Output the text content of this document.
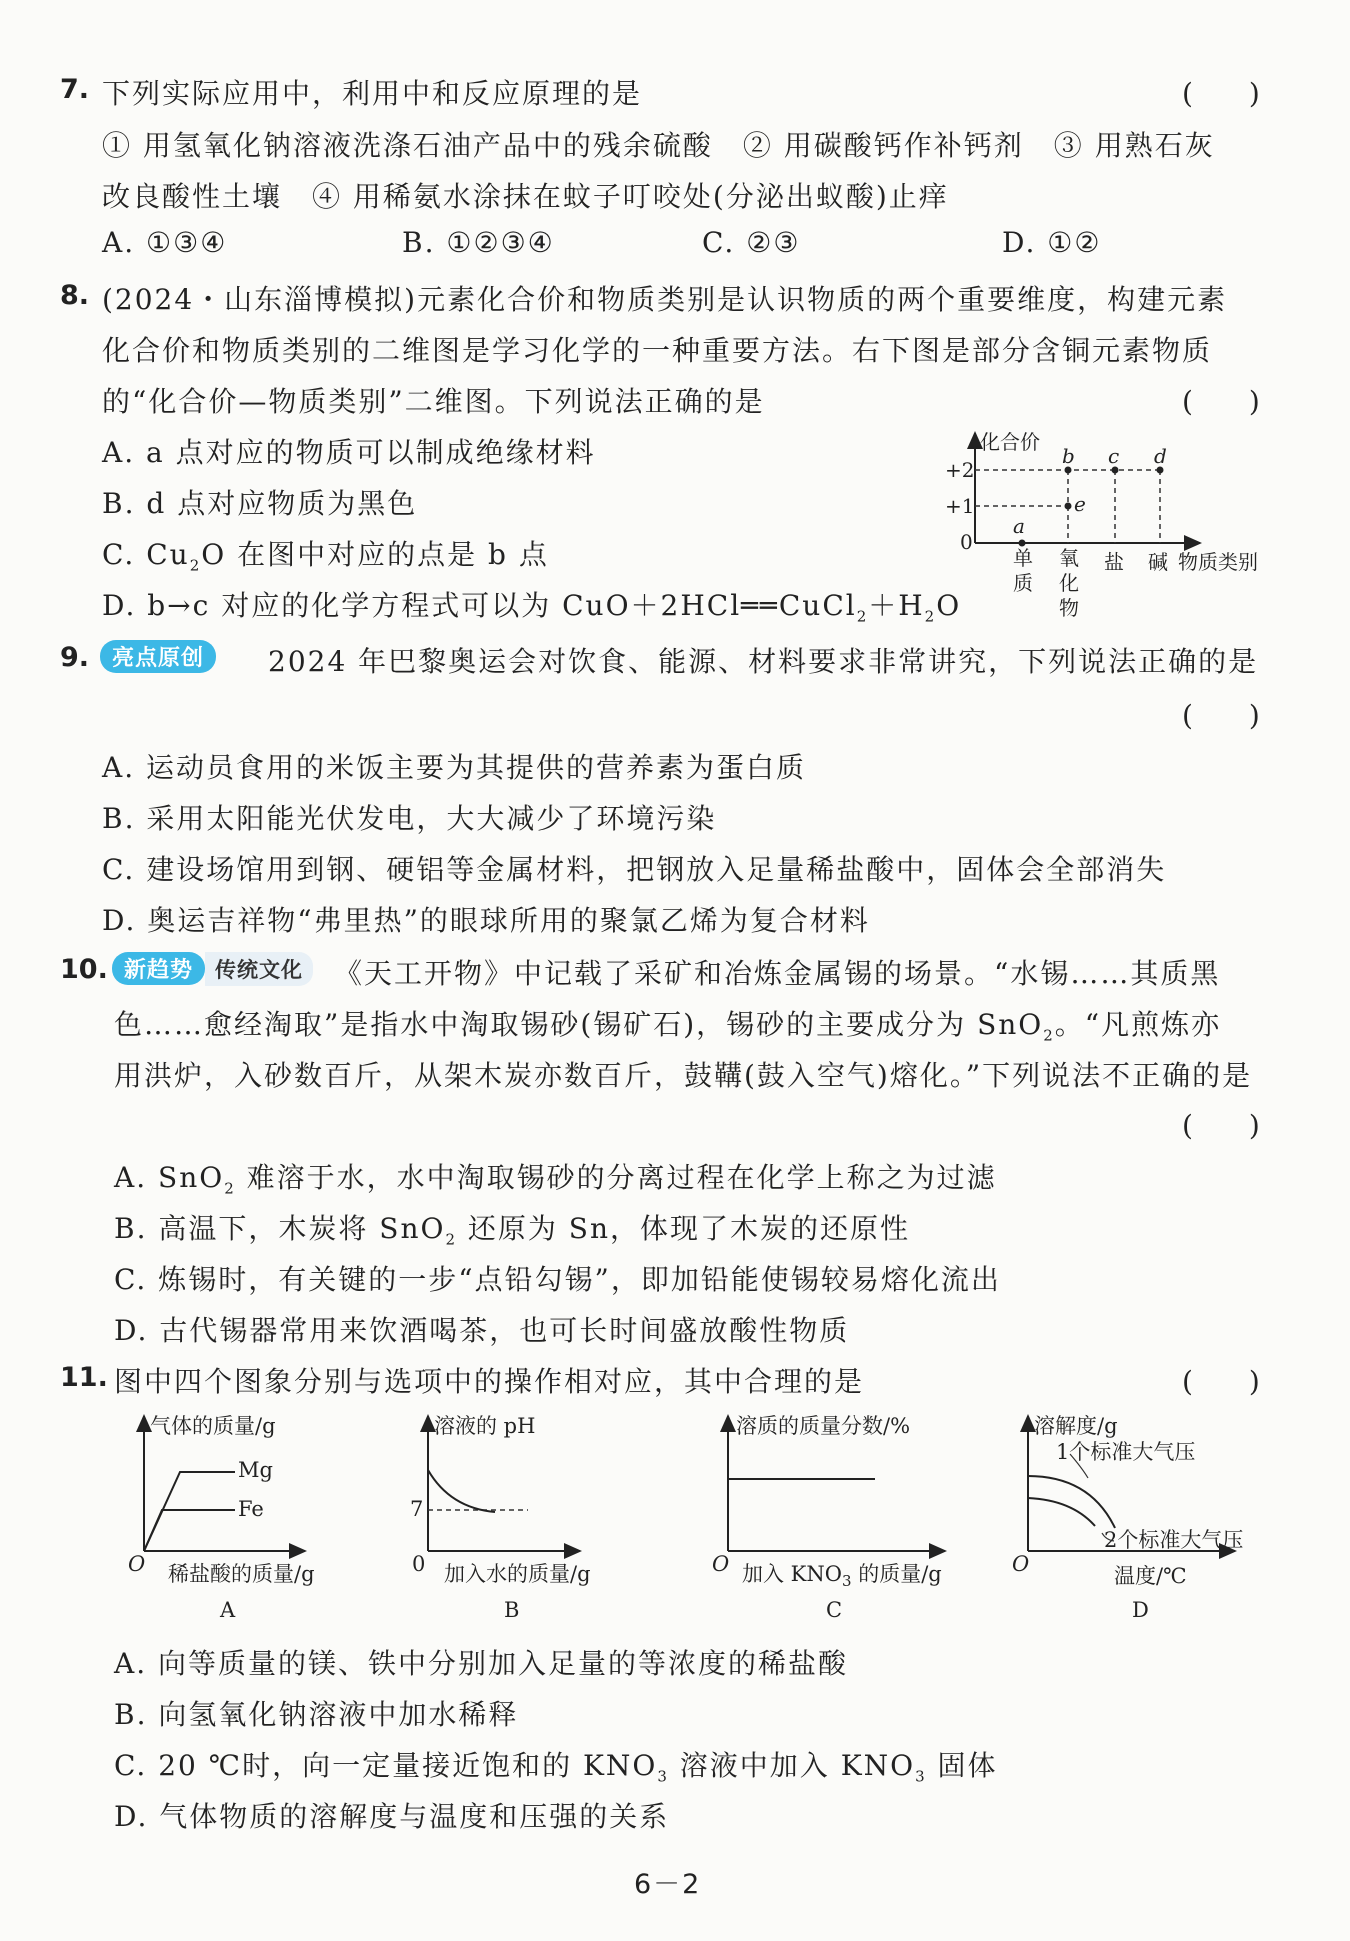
7. 下列实际应用中，利用中和反应原理的是	(　　)
① 用氢氧化钠溶液洗涤石油产品中的残余硫酸　② 用碳酸钙作补钙剂　③ 用熟石灰
改良酸性土壤　④ 用稀氨水涂抹在蚊子叮咬处(分泌出蚁酸)止痒
A. ①③④	B. ①②③④	C. ②③	D. ①②
8. (2024・山东淄博模拟)元素化合价和物质类别是认识物质的两个重要维度，构建元素
化合价和物质类别的二维图是学习化学的一种重要方法。右下图是部分含铜元素物质
的“化合价—物质类别”二维图。下列说法正确的是	(　　)
A. a 点对应的物质可以制成绝缘材料
B. d 点对应物质为黑色
C. $Cu_2O$ 在图中对应的点是 b 点
D. b→c 对应的化学方程式可以为 $CuO+2HCl══CuCl_2+H_2O$
化合价
+2
+1
0
a
b c d
e
单质
氧化物
盐 碱 物质类别
9.	亮点原创	2024 年巴黎奥运会对饮食、能源、材料要求非常讲究，下列说法正确的是
(　　)
A. 运动员食用的米饭主要为其提供的营养素为蛋白质
B. 采用太阳能光伏发电，大大减少了环境污染
C. 建设场馆用到钢、硬铝等金属材料，把钢放入足量稀盐酸中，固体会全部消失
D. 奥运吉祥物“弗里热”的眼球所用的聚氯乙烯为复合材料
10. 新趋势 传统文化	《天工开物》中记载了采矿和冶炼金属锡的场景。“水锡……其质黑
色……愈经淘取”是指水中淘取锡砂(锡矿石)，锡砂的主要成分为 SnO$_2$。“凡煎炼亦
用洪炉，入砂数百斤，从架木炭亦数百斤，鼓鞲(鼓入空气)熔化。”下列说法不正确的是
(　　)
A. SnO$_2$ 难溶于水，水中淘取锡砂的分离过程在化学上称之为过滤
B. 高温下，木炭将 SnO$_2$ 还原为 Sn，体现了木炭的还原性
C. 炼锡时，有关键的一步“点铅勾锡”，即加铅能使锡较易熔化流出
D. 古代锡器常用来饮酒喝茶，也可长时间盛放酸性物质
11. 图中四个图象分别与选项中的操作相对应，其中合理的是	(　　)
气体的质量/g
Mg
Fe
O 稀盐酸的质量/g
A
溶液的 pH
7
0 加入水的质量/g
B
溶质的质量分数/%
O 加入 $KNO_3$ 的质量/g
C
溶解度/g
1个标准大气压
2个标准大气压
O	温度/℃
D
A. 向等质量的镁、铁中分别加入足量的等浓度的稀盐酸
B. 向氢氧化钠溶液中加水稀释
C. 20 ℃时，向一定量接近饱和的 $KNO_3$ 溶液中加入 $KNO_3$ 固体
D. 气体物质的溶解度与温度和压强的关系
6－2
